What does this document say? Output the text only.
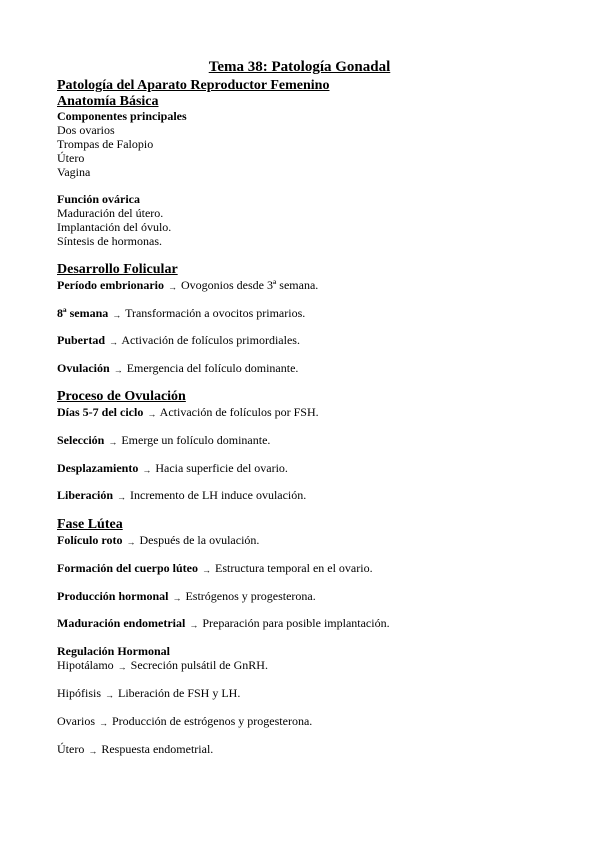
Tema 38: Patología Gonadal
Patología del Aparato Reproductor Femenino
Anatomía Básica
Componentes principales
Dos ovarios
Trompas de Falopio
Útero
Vagina
Función ovárica
Maduración del útero.
Implantación del óvulo.
Síntesis de hormonas.
Desarrollo Folicular
Período embrionario → Ovogonios desde 3ª semana.
8ª semana → Transformación a ovocitos primarios.
Pubertad → Activación de folículos primordiales.
Ovulación → Emergencia del folículo dominante.
Proceso de Ovulación
Días 5-7 del ciclo → Activación de folículos por FSH.
Selección → Emerge un folículo dominante.
Desplazamiento → Hacia superficie del ovario.
Liberación → Incremento de LH induce ovulación.
Fase Lútea
Folículo roto → Después de la ovulación.
Formación del cuerpo lúteo → Estructura temporal en el ovario.
Producción hormonal → Estrógenos y progesterona.
Maduración endometrial → Preparación para posible implantación.
Regulación Hormonal
Hipotálamo → Secreción pulsátil de GnRH.
Hipófisis → Liberación de FSH y LH.
Ovarios → Producción de estrógenos y progesterona.
Útero → Respuesta endometrial.
